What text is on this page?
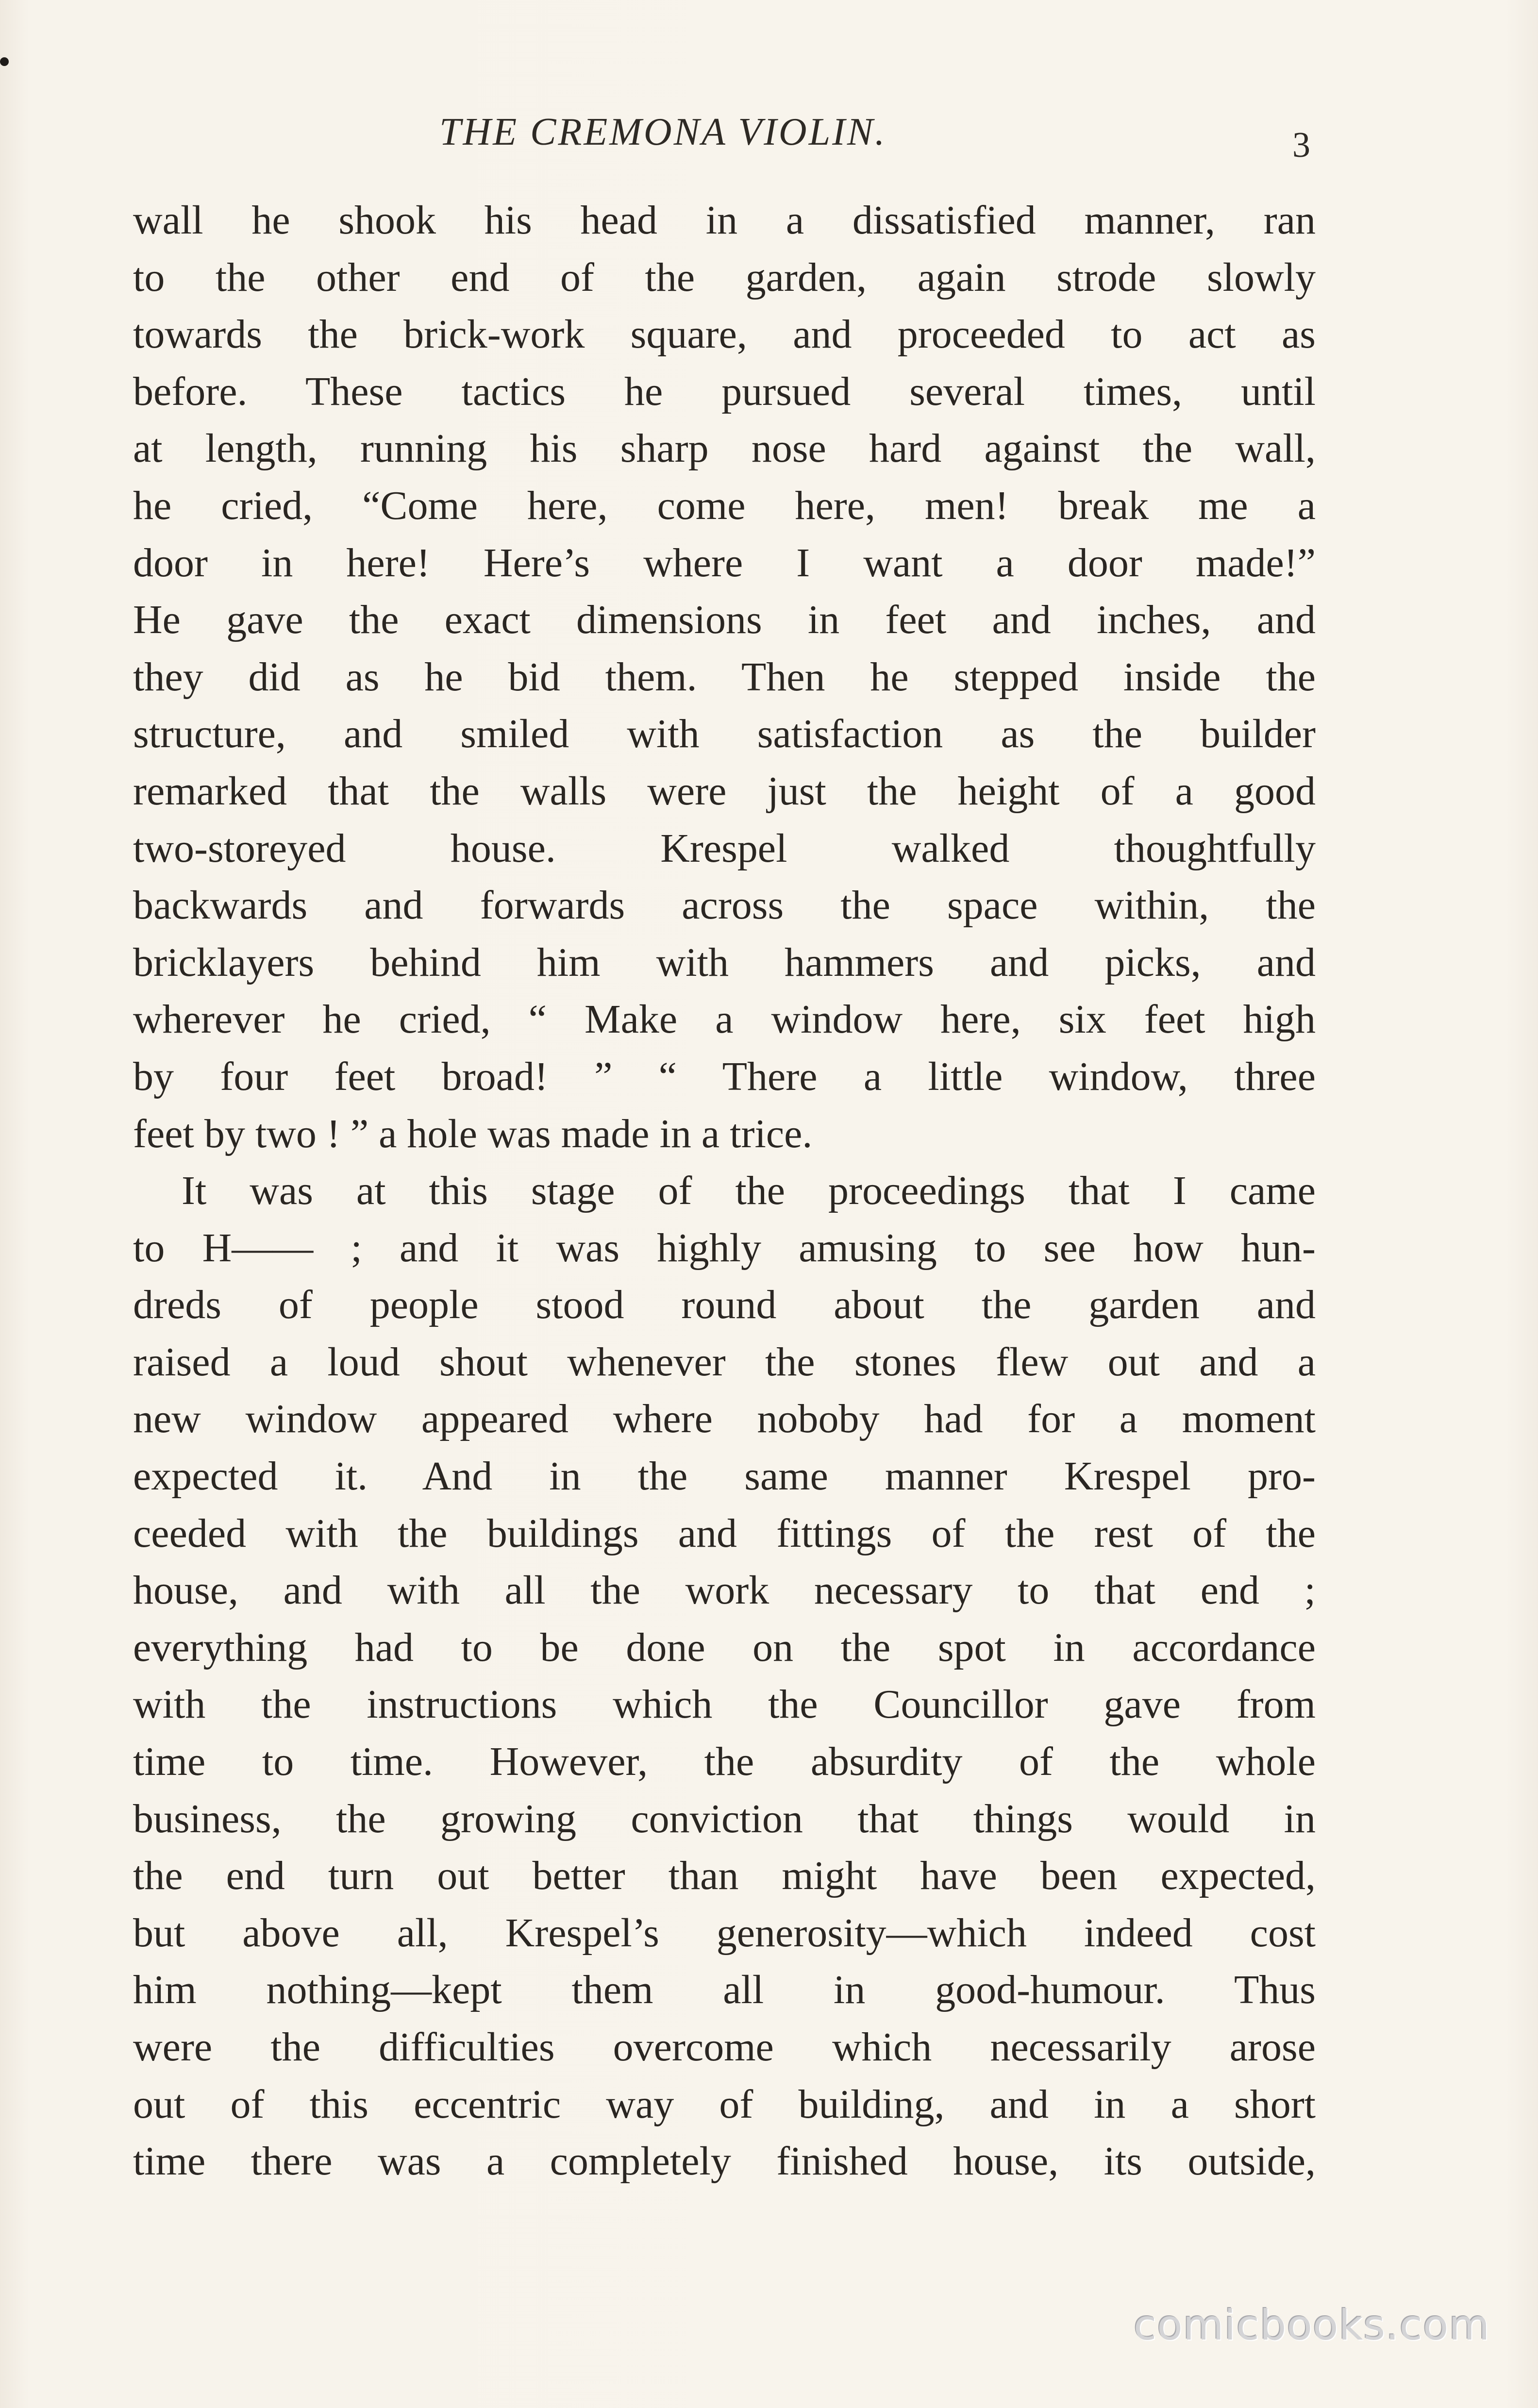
THE CREMONA VIOLIN.	3
wall he shook his head in a dissatisfied manner, ran
to the other end of the garden, again strode slowly
towards the brick-work square, and proceeded to act as
before. These tactics he pursued several times, until
at length, running his sharp nose hard against the wall,
he cried, “Come here, come here, men! break me a
door in here! Here’s where I want a door made!”
He gave the exact dimensions in feet and inches, and
they did as he bid them. Then he stepped inside the
structure, and smiled with satisfaction as the builder
remarked that the walls were just the height of a good
two-storeyed house. Krespel walked thoughtfully
backwards and forwards across the space within, the
bricklayers behind him with hammers and picks, and
wherever he cried, “ Make a window here, six feet high
by four feet broad! ” “ There a little window, three
feet by two ! ” a hole was made in a trice.
It was at this stage of the proceedings that I came
to H—— ; and it was highly amusing to see how hun-
dreds of people stood round about the garden and
raised a loud shout whenever the stones flew out and a
new window appeared where noboby had for a moment
expected it. And in the same manner Krespel pro-
ceeded with the buildings and fittings of the rest of the
house, and with all the work necessary to that end ;
everything had to be done on the spot in accordance
with the instructions which the Councillor gave from
time to time. However, the absurdity of the whole
business, the growing conviction that things would in
the end turn out better than might have been expected,
but above all, Krespel’s generosity—which indeed cost
him nothing—kept them all in good-humour. Thus
were the difficulties overcome which necessarily arose
out of this eccentric way of building, and in a short
time there was a completely finished house, its outside,
comicbooks.com
